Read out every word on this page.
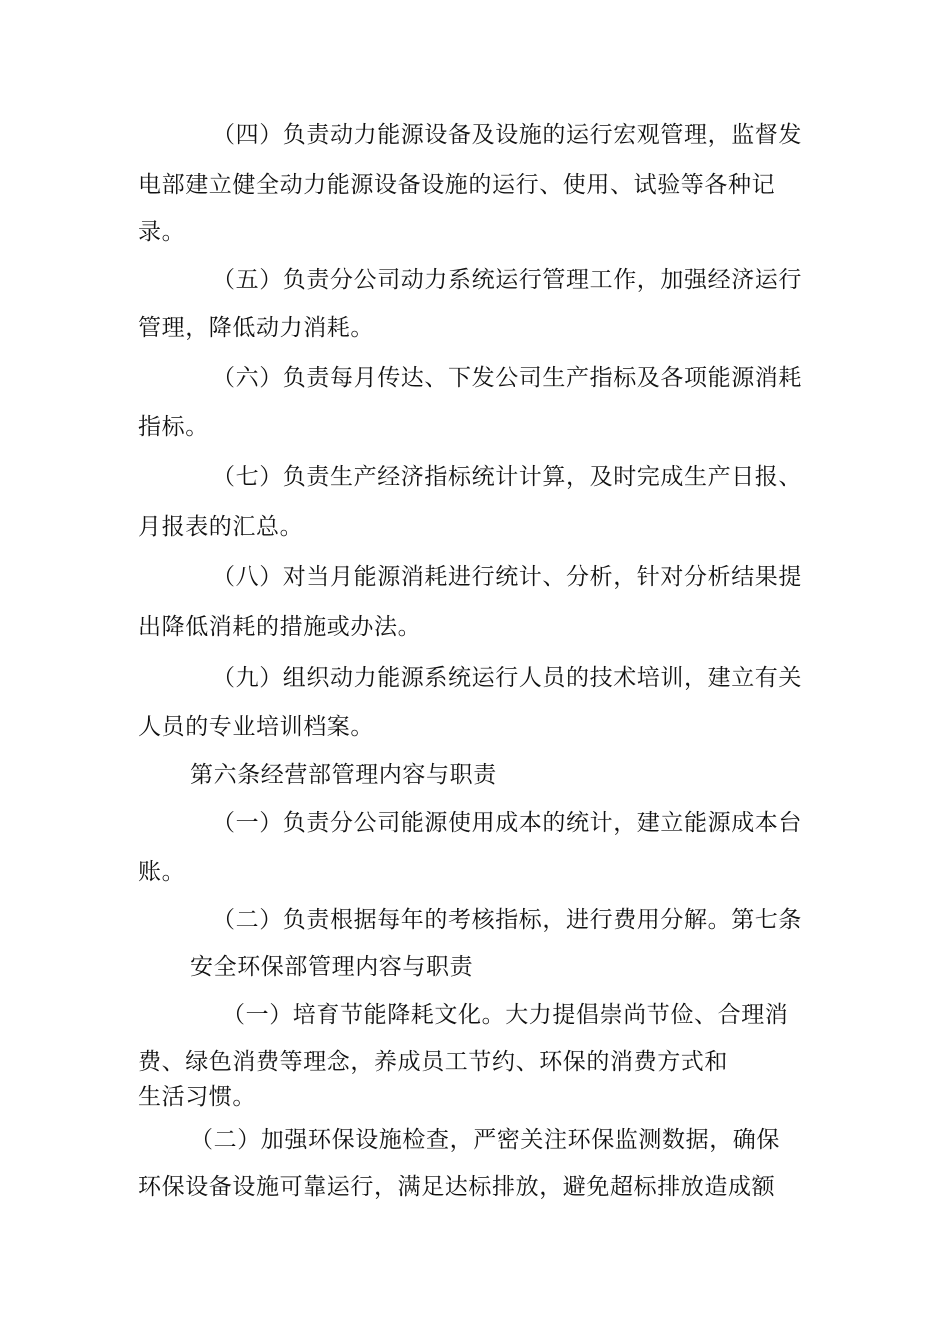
（四）负责动力能源设备及设施的运行宏观管理，监督发

电部建立健全动力能源设备设施的运行、使用、试验等各种记

录。

（五）负责分公司动力系统运行管理工作，加强经济运行

管理，降低动力消耗。

（六）负责每月传达、下发公司生产指标及各项能源消耗

指标。

（七）负责生产经济指标统计计算，及时完成生产日报、

月报表的汇总。

（八）对当月能源消耗进行统计、分析，针对分析结果提

出降低消耗的措施或办法。

（九）组织动力能源系统运行人员的技术培训，建立有关

人员的专业培训档案。

第六条经营部管理内容与职责

（一）负责分公司能源使用成本的统计，建立能源成本台

账。

（二）负责根据每年的考核指标，进行费用分解。第七条

安全环保部管理内容与职责

（一）培育节能降耗文化。大力提倡崇尚节俭、合理消

费、绿色消费等理念，养成员工节约、环保的消费方式和

生活习惯。

（二）加强环保设施检查，严密关注环保监测数据，确保

环保设备设施可靠运行，满足达标排放，避免超标排放造成额
